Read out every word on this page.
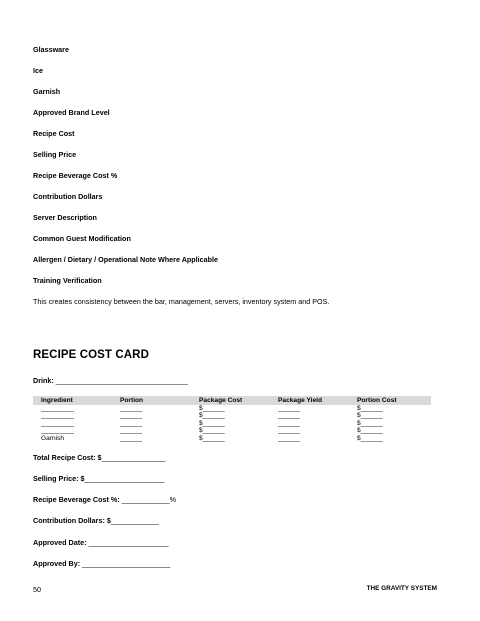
Glassware
Ice
Garnish
Approved Brand Level
Recipe Cost
Selling Price
Recipe Beverage Cost %
Contribution Dollars
Server Description
Common Guest Modification
Allergen / Dietary / Operational Note Where Applicable
Training Verification
This creates consistency between the bar, management, servers, inventory system and POS.
RECIPE COST CARD
Drink: _________________________________
Ingredient	Portion	Package Cost	Package Yield	Portion Cost
_________	______	$______	______	$______
_________	______	$______	______	$______
_________	______	$______	______	$______
_________	______	$______	______	$______
Garnish	______	$______	______	$______
Total Recipe Cost: $________________
Selling Price: $____________________
Recipe Beverage Cost %: ____________%
Contribution Dollars: $____________
Approved Date: ____________________
Approved By: ______________________
50	THE GRAVITY SYSTEM
